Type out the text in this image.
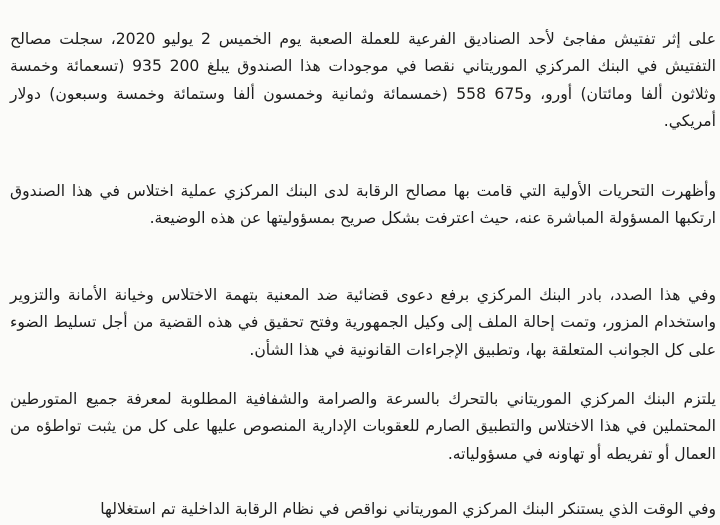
على إثر تفتيش مفاجئ لأحد الصناديق الفرعية للعملة الصعبة يوم الخميس 2 يوليو 2020، سجلت مصالح التفتيش في البنك المركزي الموريتاني نقصا في موجودات هذا الصندوق يبلغ 200 935 (تسعمائة وخمسة وثلاثون ألفا ومائتان) أورو، و675 558 (خمسمائة وثمانية وخمسون ألفا وستمائة وخمسة وسبعون) دولار أمريكي.

وأظهرت التحريات الأولية التي قامت بها مصالح الرقابة لدى البنك المركزي عملية اختلاس في هذا الصندوق ارتكبها المسؤولة المباشرة عنه، حيث اعترفت بشكل صريح بمسؤوليتها عن هذه الوضيعة.

وفي هذا الصدد، بادر البنك المركزي برفع دعوى قضائية ضد المعنية بتهمة الاختلاس وخيانة الأمانة والتزوير واستخدام المزور، وتمت إحالة الملف إلى وكيل الجمهورية وفتح تحقيق في هذه القضية من أجل تسليط الضوء على كل الجوانب المتعلقة بها، وتطبيق الإجراءات القانونية في هذا الشأن.

يلتزم البنك المركزي الموريتاني بالتحرك بالسرعة والصرامة والشفافية المطلوبة لمعرفة جميع المتورطين المحتملين في هذا الاختلاس والتطبيق الصارم للعقوبات الإدارية المنصوص عليها على كل من يثبت تواطؤه من العمال أو تفريطه أو تهاونه في مسؤولياته.

وفي الوقت الذي يستنكر البنك المركزي الموريتاني نواقص في نظام الرقابة الداخلية تم استغلالها
